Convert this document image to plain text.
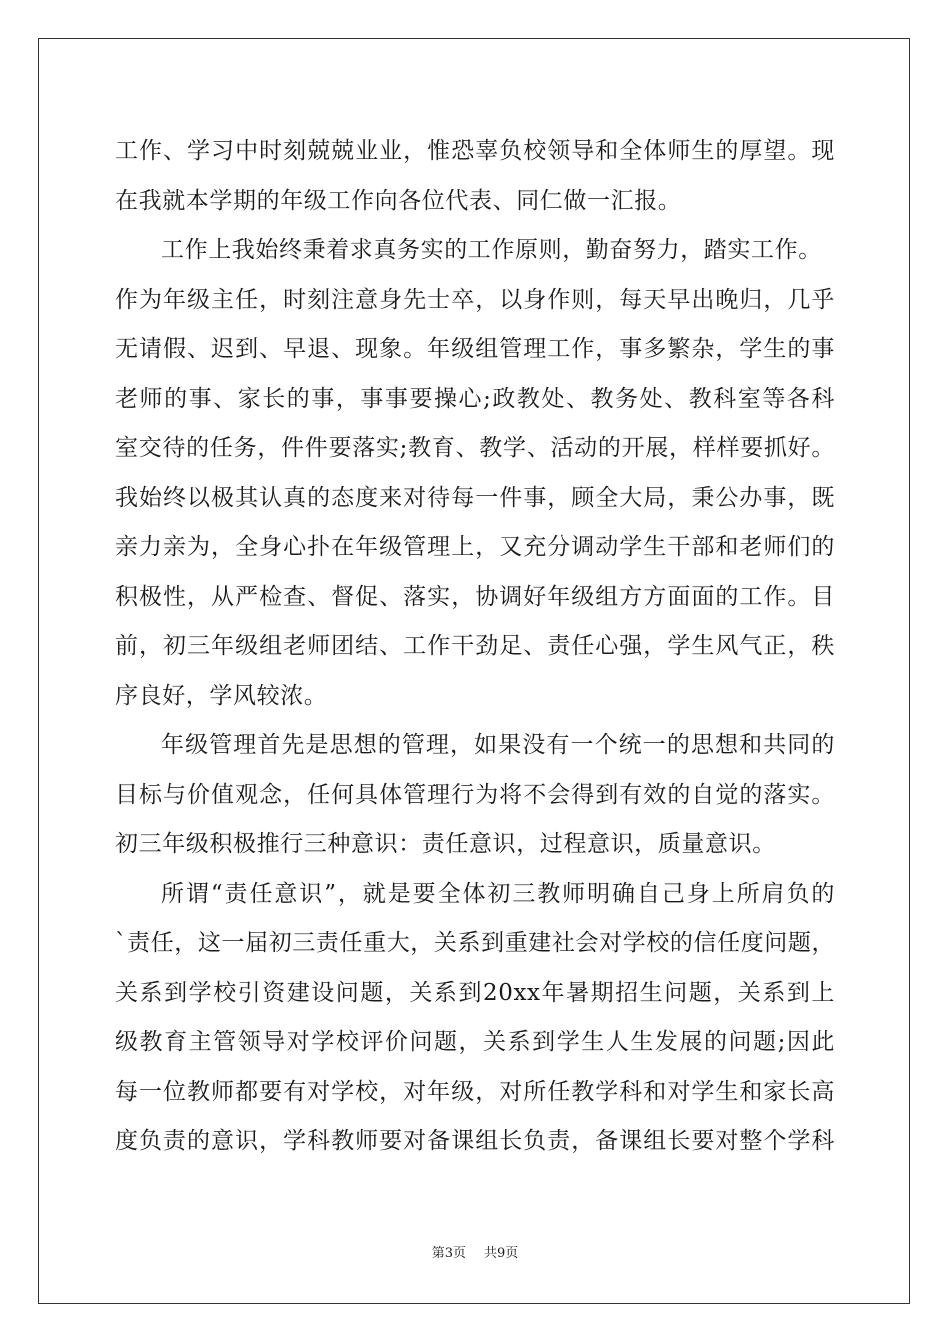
工作、学习中时刻兢兢业业，惟恐辜负校领导和全体师生的厚望。现
在我就本学期的年级工作向各位代表、同仁做一汇报。
工作上我始终秉着求真务实的工作原则，勤奋努力，踏实工作。
作为年级主任，时刻注意身先士卒，以身作则，每天早出晚归，几乎
无请假、迟到、早退、现象。年级组管理工作，事多繁杂，学生的事
老师的事、家长的事，事事要操心;政教处、教务处、教科室等各科
室交待的任务，件件要落实;教育、教学、活动的开展，样样要抓好。
我始终以极其认真的态度来对待每一件事，顾全大局，秉公办事，既
亲力亲为，全身心扑在年级管理上，又充分调动学生干部和老师们的
积极性，从严检查、督促、落实，协调好年级组方方面面的工作。目
前，初三年级组老师团结、工作干劲足、责任心强，学生风气正，秩
序良好，学风较浓。
年级管理首先是思想的管理，如果没有一个统一的思想和共同的
目标与价值观念，任何具体管理行为将不会得到有效的自觉的落实。
初三年级积极推行三种意识：责任意识，过程意识，质量意识。
所谓“责任意识”，就是要全体初三教师明确自己身上所肩负的
`责任，这一届初三责任重大，关系到重建社会对学校的信任度问题，
关系到学校引资建设问题，关系到20xx年暑期招生问题，关系到上
级教育主管领导对学校评价问题，关系到学生人生发展的问题;因此
每一位教师都要有对学校，对年级，对所任教学科和对学生和家长高
度负责的意识，学科教师要对备课组长负责，备课组长要对整个学科
第3页 共9页
